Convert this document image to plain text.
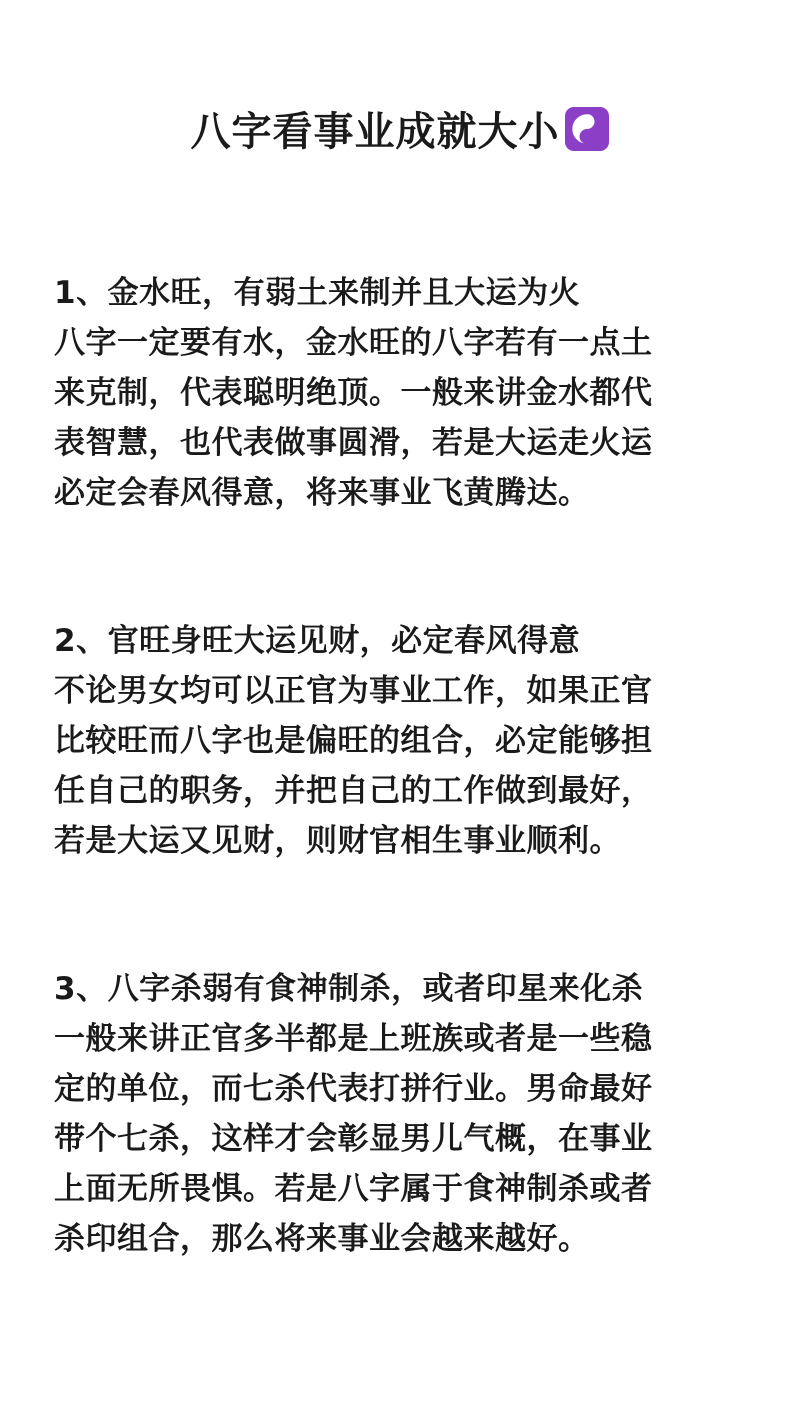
八字看事业成就大小
1、金水旺，有弱土来制并且大运为火
八字一定要有水，金水旺的八字若有一点土
来克制，代表聪明绝顶。一般来讲金水都代
表智慧，也代表做事圆滑，若是大运走火运
必定会春风得意，将来事业飞黄腾达。
2、官旺身旺大运见财，必定春风得意
不论男女均可以正官为事业工作，如果正官
比较旺而八字也是偏旺的组合，必定能够担
任自己的职务，并把自己的工作做到最好，
若是大运又见财，则财官相生事业顺利。
3、八字杀弱有食神制杀，或者印星来化杀
一般来讲正官多半都是上班族或者是一些稳
定的单位，而七杀代表打拼行业。男命最好
带个七杀，这样才会彰显男儿气概，在事业
上面无所畏惧。若是八字属于食神制杀或者
杀印组合，那么将来事业会越来越好。
